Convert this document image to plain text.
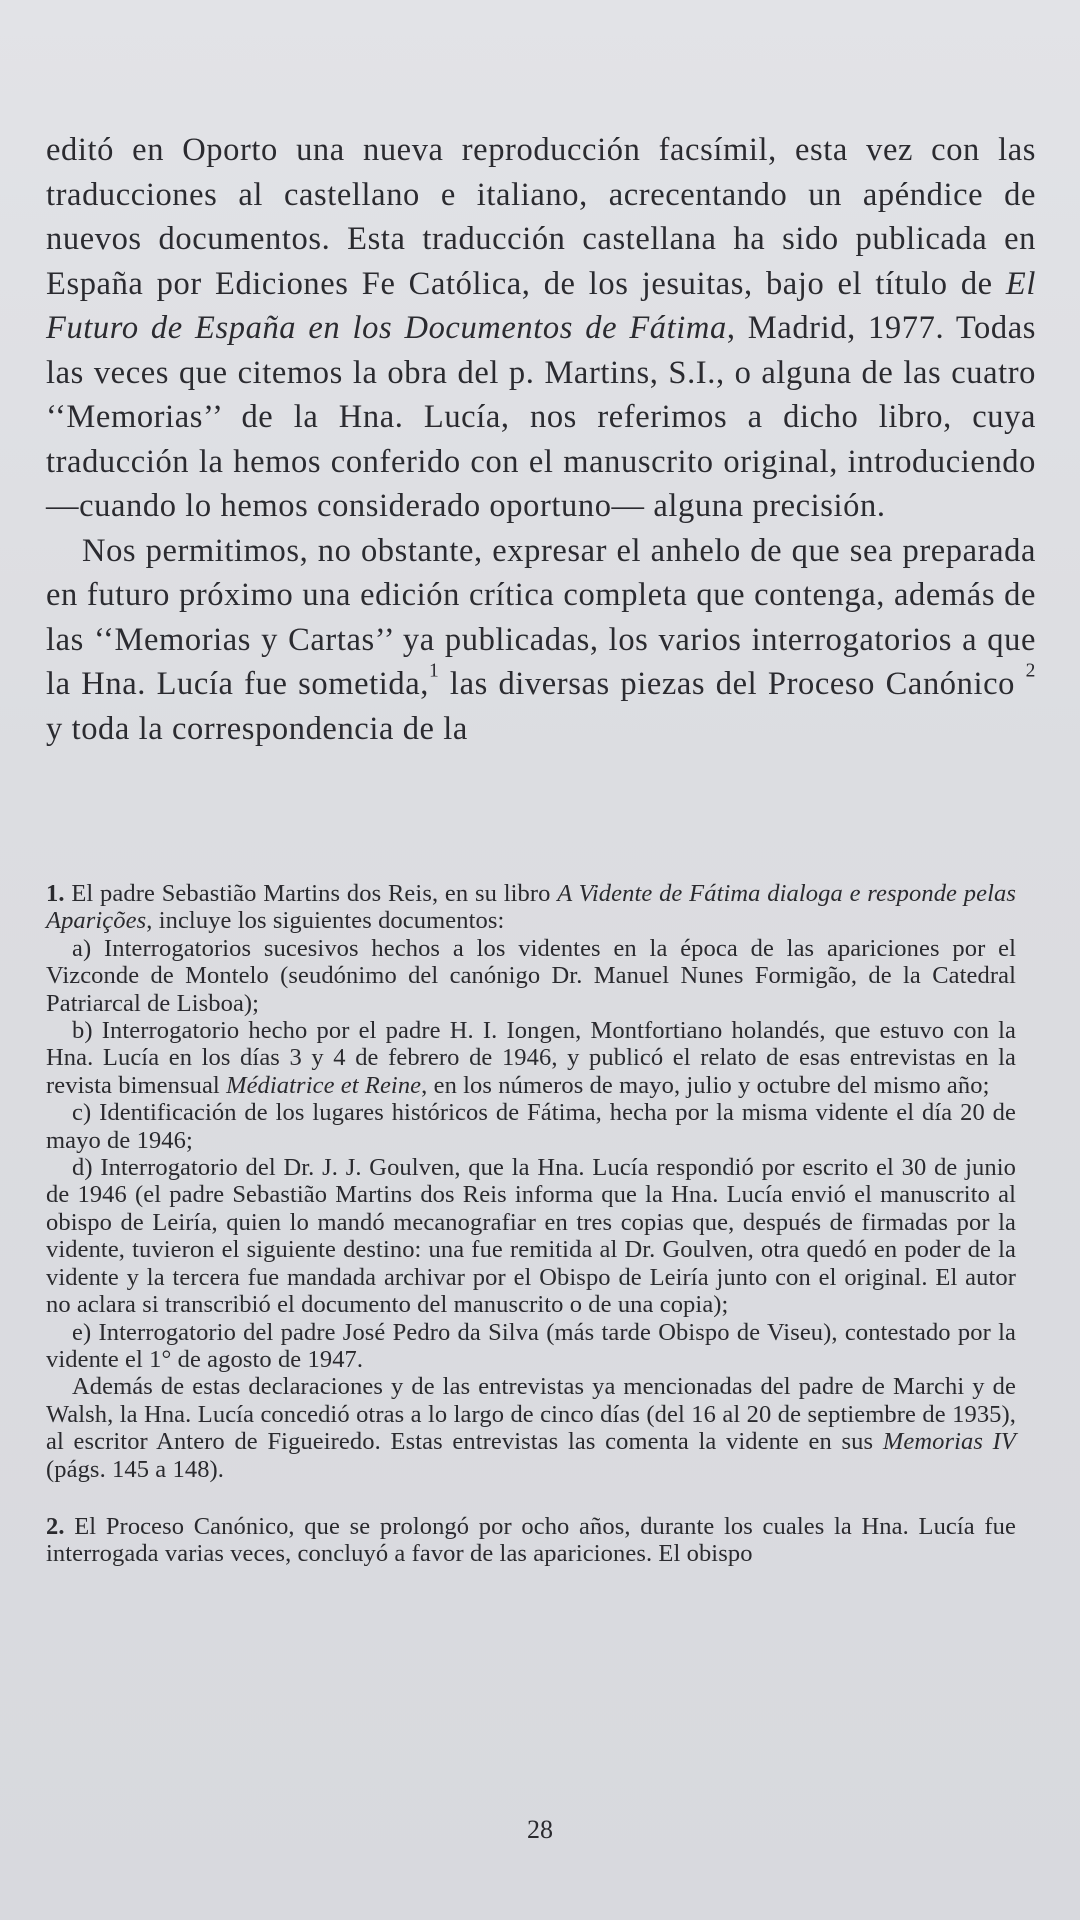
editó en Oporto una nueva reproducción facsímil, esta vez con las traducciones al castellano e italiano, acrecentando un apéndice de nuevos documentos. Esta traducción castellana ha sido publicada en España por Ediciones Fe Católica, de los jesuitas, bajo el título de El Futuro de España en los Documentos de Fátima, Madrid, 1977. Todas las veces que citemos la obra del p. Martins, S.I., o alguna de las cuatro ‘‘Memorias’’ de la Hna. Lucía, nos referimos a dicho libro, cuya traducción la hemos conferido con el manuscrito original, introduciendo —cuando lo hemos considerado oportuno— alguna precisión.

Nos permitimos, no obstante, expresar el anhelo de que sea preparada en futuro próximo una edición crítica completa que contenga, además de las ‘‘Memorias y Cartas’’ ya publicadas, los varios interrogatorios a que la Hna. Lucía fue sometida,$^1$ las diversas piezas del Proceso Canónico $^2$ y toda la correspondencia de la

1. El padre Sebastião Martins dos Reis, en su libro A Vidente de Fátima dialoga e responde pelas Aparições, incluye los siguientes documentos:

a) Interrogatorios sucesivos hechos a los videntes en la época de las apariciones por el Vizconde de Montelo (seudónimo del canónigo Dr. Manuel Nunes Formigão, de la Catedral Patriarcal de Lisboa);

b) Interrogatorio hecho por el padre H. I. Iongen, Montfortiano holandés, que estuvo con la Hna. Lucía en los días 3 y 4 de febrero de 1946, y publicó el relato de esas entrevistas en la revista bimensual Médiatrice et Reine, en los números de mayo, julio y octubre del mismo año;

c) Identificación de los lugares históricos de Fátima, hecha por la misma vidente el día 20 de mayo de 1946;

d) Interrogatorio del Dr. J. J. Goulven, que la Hna. Lucía respondió por escrito el 30 de junio de 1946 (el padre Sebastião Martins dos Reis informa que la Hna. Lucía envió el manuscrito al obispo de Leiría, quien lo mandó mecanografiar en tres copias que, después de firmadas por la vidente, tuvieron el siguiente destino: una fue remitida al Dr. Goulven, otra quedó en poder de la vidente y la tercera fue mandada archivar por el Obispo de Leiría junto con el original. El autor no aclara si transcribió el documento del manuscrito o de una copia);

e) Interrogatorio del padre José Pedro da Silva (más tarde Obispo de Viseu), contestado por la vidente el 1° de agosto de 1947.

Además de estas declaraciones y de las entrevistas ya mencionadas del padre de Marchi y de Walsh, la Hna. Lucía concedió otras a lo largo de cinco días (del 16 al 20 de septiembre de 1935), al escritor Antero de Figueiredo. Estas entrevistas las comenta la vidente en sus Memorias IV (págs. 145 a 148).

2. El Proceso Canónico, que se prolongó por ocho años, durante los cuales la Hna. Lucía fue interrogada varias veces, concluyó a favor de las apariciones. El obispo

28
